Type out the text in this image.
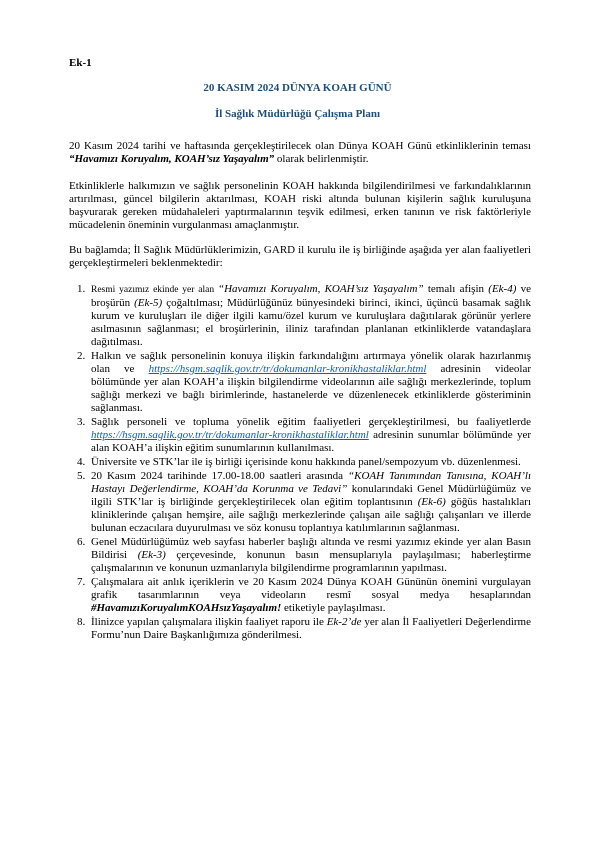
Ek-1
20 KASIM 2024 DÜNYA KOAH GÜNÜ
İl Sağlık Müdürlüğü Çalışma Planı

20 Kasım 2024 tarihi ve haftasında gerçekleştirilecek olan Dünya KOAH Günü etkinliklerinin teması “Havamızı Koruyalım, KOAH’sız Yaşayalım” olarak belirlenmiştir.

Etkinliklerle halkımızın ve sağlık personelinin KOAH hakkında bilgilendirilmesi ve farkındalıklarının artırılması, güncel bilgilerin aktarılması, KOAH riski altında bulunan kişilerin sağlık kuruluşuna başvurarak gereken müdahaleleri yaptırmalarının teşvik edilmesi, erken tanının ve risk faktörleriyle mücadelenin öneminin vurgulanması amaçlanmıştır.

Bu bağlamda; İl Sağlık Müdürlüklerimizin, GARD il kurulu ile iş birliğinde aşağıda yer alan faaliyetleri gerçekleştirmeleri beklenmektedir:

1. Resmi yazımız ekinde yer alan “Havamızı Koruyalım, KOAH’sız Yaşayalım” temalı afişin (Ek-4) ve broşürün (Ek-5) çoğaltılması; Müdürlüğünüz bünyesindeki birinci, ikinci, üçüncü basamak sağlık kurum ve kuruluşları ile diğer ilgili kamu/özel kurum ve kuruluşlara dağıtılarak görünür yerlere asılmasının sağlanması; el broşürlerinin, iliniz tarafından planlanan etkinliklerde vatandaşlara dağıtılması.
2. Halkın ve sağlık personelinin konuya ilişkin farkındalığını artırmaya yönelik olarak hazırlanmış olan ve https://hsgm.saglik.gov.tr/tr/dokumanlar-kronikhastaliklar.html adresinin videolar bölümünde yer alan KOAH’a ilişkin bilgilendirme videolarının aile sağlığı merkezlerinde, toplum sağlığı merkezi ve bağlı birimlerinde, hastanelerde ve düzenlenecek etkinliklerde gösteriminin sağlanması.
3. Sağlık personeli ve topluma yönelik eğitim faaliyetleri gerçekleştirilmesi, bu faaliyetlerde https://hsgm.saglik.gov.tr/tr/dokumanlar-kronikhastaliklar.html adresinin sunumlar bölümünde yer alan KOAH’a ilişkin eğitim sunumlarının kullanılması.
4. Üniversite ve STK’lar ile iş birliği içerisinde konu hakkında panel/sempozyum vb. düzenlenmesi.
5. 20 Kasım 2024 tarihinde 17.00-18.00 saatleri arasında “KOAH Tanımından Tanısına, KOAH’lı Hastayı Değerlendirme, KOAH’da Korunma ve Tedavi” konularındaki Genel Müdürlüğümüz ve ilgili STK’lar iş birliğinde gerçekleştirilecek olan eğitim toplantısının (Ek-6) göğüs hastalıkları kliniklerinde çalışan hemşire, aile sağlığı merkezlerinde çalışan aile sağlığı çalışanları ve illerde bulunan eczacılara duyurulması ve söz konusu toplantıya katılımlarının sağlanması.
6. Genel Müdürlüğümüz web sayfası haberler başlığı altında ve resmi yazımız ekinde yer alan Basın Bildirisi (Ek-3) çerçevesinde, konunun basın mensuplarıyla paylaşılması; haberleştirme çalışmalarının ve konunun uzmanlarıyla bilgilendirme programlarının yapılması.
7. Çalışmalara ait anlık içeriklerin ve 20 Kasım 2024 Dünya KOAH Gününün önemini vurgulayan grafik tasarımlarının veya videoların resmî sosyal medya hesaplarından #HavamızıKoruyalımKOAHsızYaşayalım! etiketiyle paylaşılması.
8. İlinizce yapılan çalışmalara ilişkin faaliyet raporu ile Ek-2’de yer alan İl Faaliyetleri Değerlendirme Formu’nun Daire Başkanlığımıza gönderilmesi.
